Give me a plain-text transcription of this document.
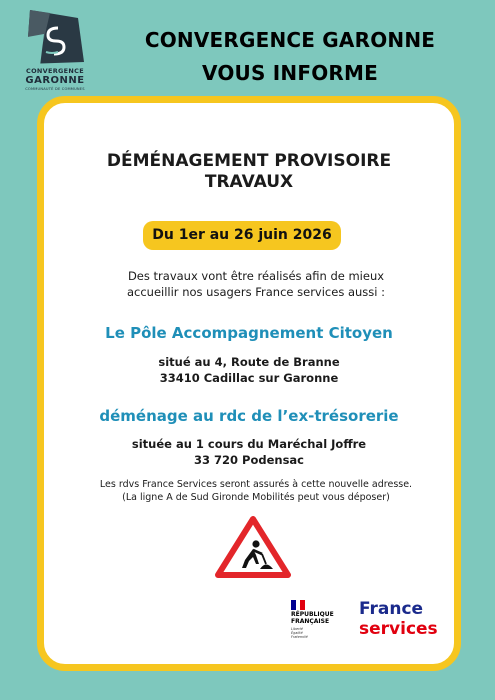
CONVERGENCE
GARONNE
COMMUNAUTÉ DE COMMUNES
CONVERGENCE GARONNE
VOUS INFORME
DÉMÉNAGEMENT PROVISOIRE
TRAVAUX
Du 1er au 26 juin 2026
Des travaux vont être réalisés afin de mieux
accueillir nos usagers France services aussi :
Le Pôle Accompagnement Citoyen
situé au 4, Route de Branne
33410 Cadillac sur Garonne
déménage au rdc de l’ex-trésorerie
située au 1 cours du Maréchal Joffre
33 720 Podensac
Les rdvs France Services seront assurés à cette nouvelle adresse.
(La ligne A de Sud Gironde Mobilités peut vous déposer)
RÉPUBLIQUE
FRANÇAISE
Liberté
Égalité
Fraternité
France
services
